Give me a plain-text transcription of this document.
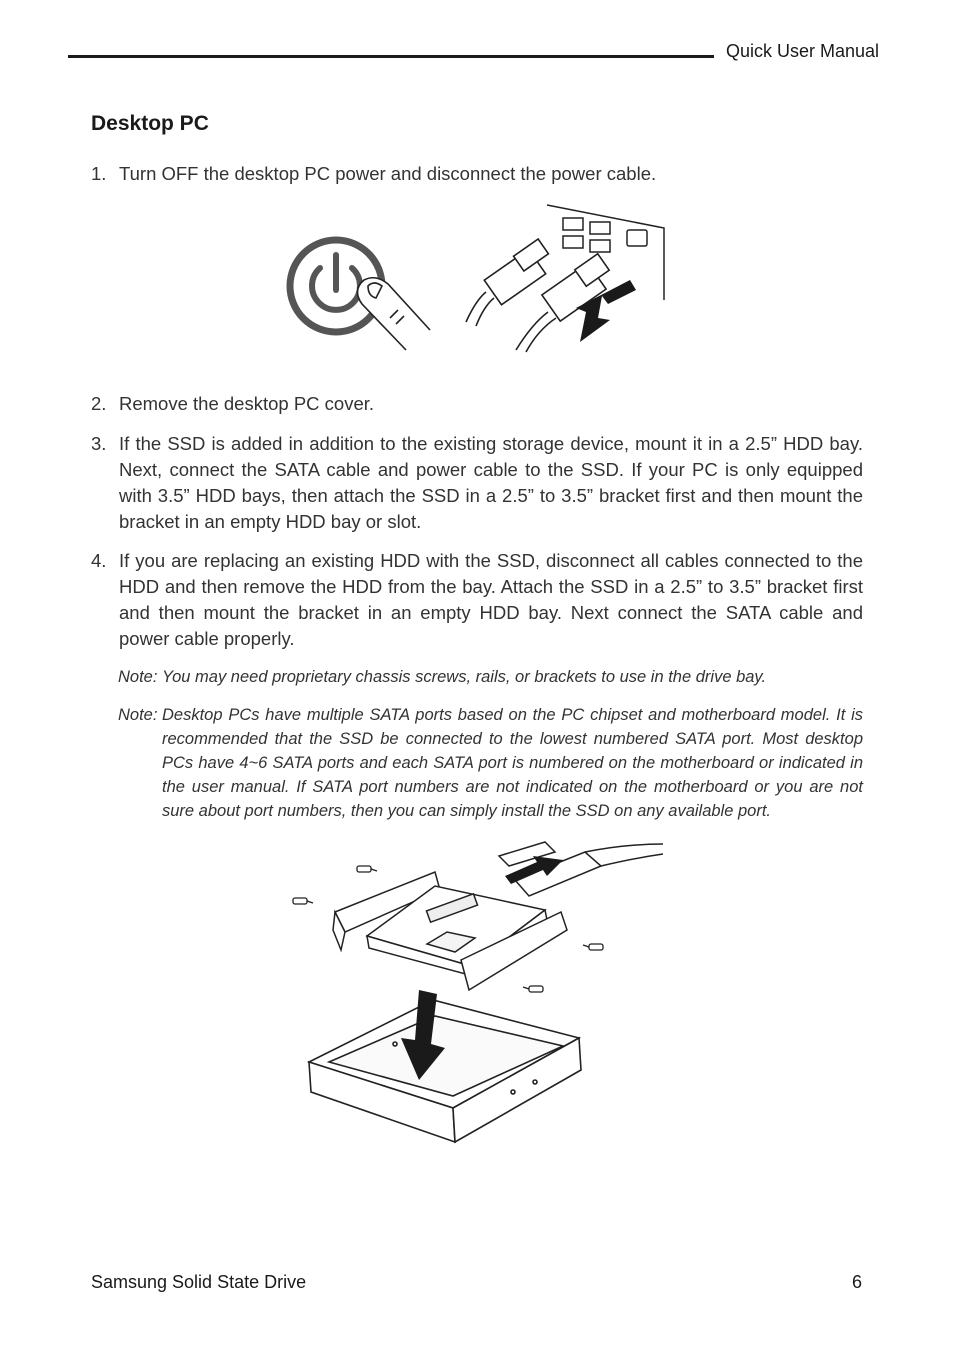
Quick User Manual
Desktop PC
1. Turn OFF the desktop PC power and disconnect the power cable.
2. Remove the desktop PC cover.
3. If the SSD is added in addition to the existing storage device, mount it in a 2.5” HDD bay. Next, connect the SATA cable and power cable to the SSD. If your PC is only equipped with 3.5” HDD bays, then attach the SSD in a 2.5” to 3.5” bracket first and then mount the bracket in an empty HDD bay or slot.
4. If you are replacing an existing HDD with the SSD, disconnect all cables connected to the HDD and then remove the HDD from the bay. Attach the SSD in a 2.5” to 3.5” bracket first and then mount the bracket in an empty HDD bay. Next connect the SATA cable and power cable properly.
Note: You may need proprietary chassis screws, rails, or brackets to use in the drive bay.
Note: Desktop PCs have multiple SATA ports based on the PC chipset and motherboard model. It is recommended that the SSD be connected to the lowest numbered SATA port. Most desktop PCs have 4~6 SATA ports and each SATA port is numbered on the motherboard or indicated in the user manual. If SATA port numbers are not indicated on the motherboard or you are not sure about port numbers, then you can simply install the SSD on any available port.
Samsung Solid State Drive	6
